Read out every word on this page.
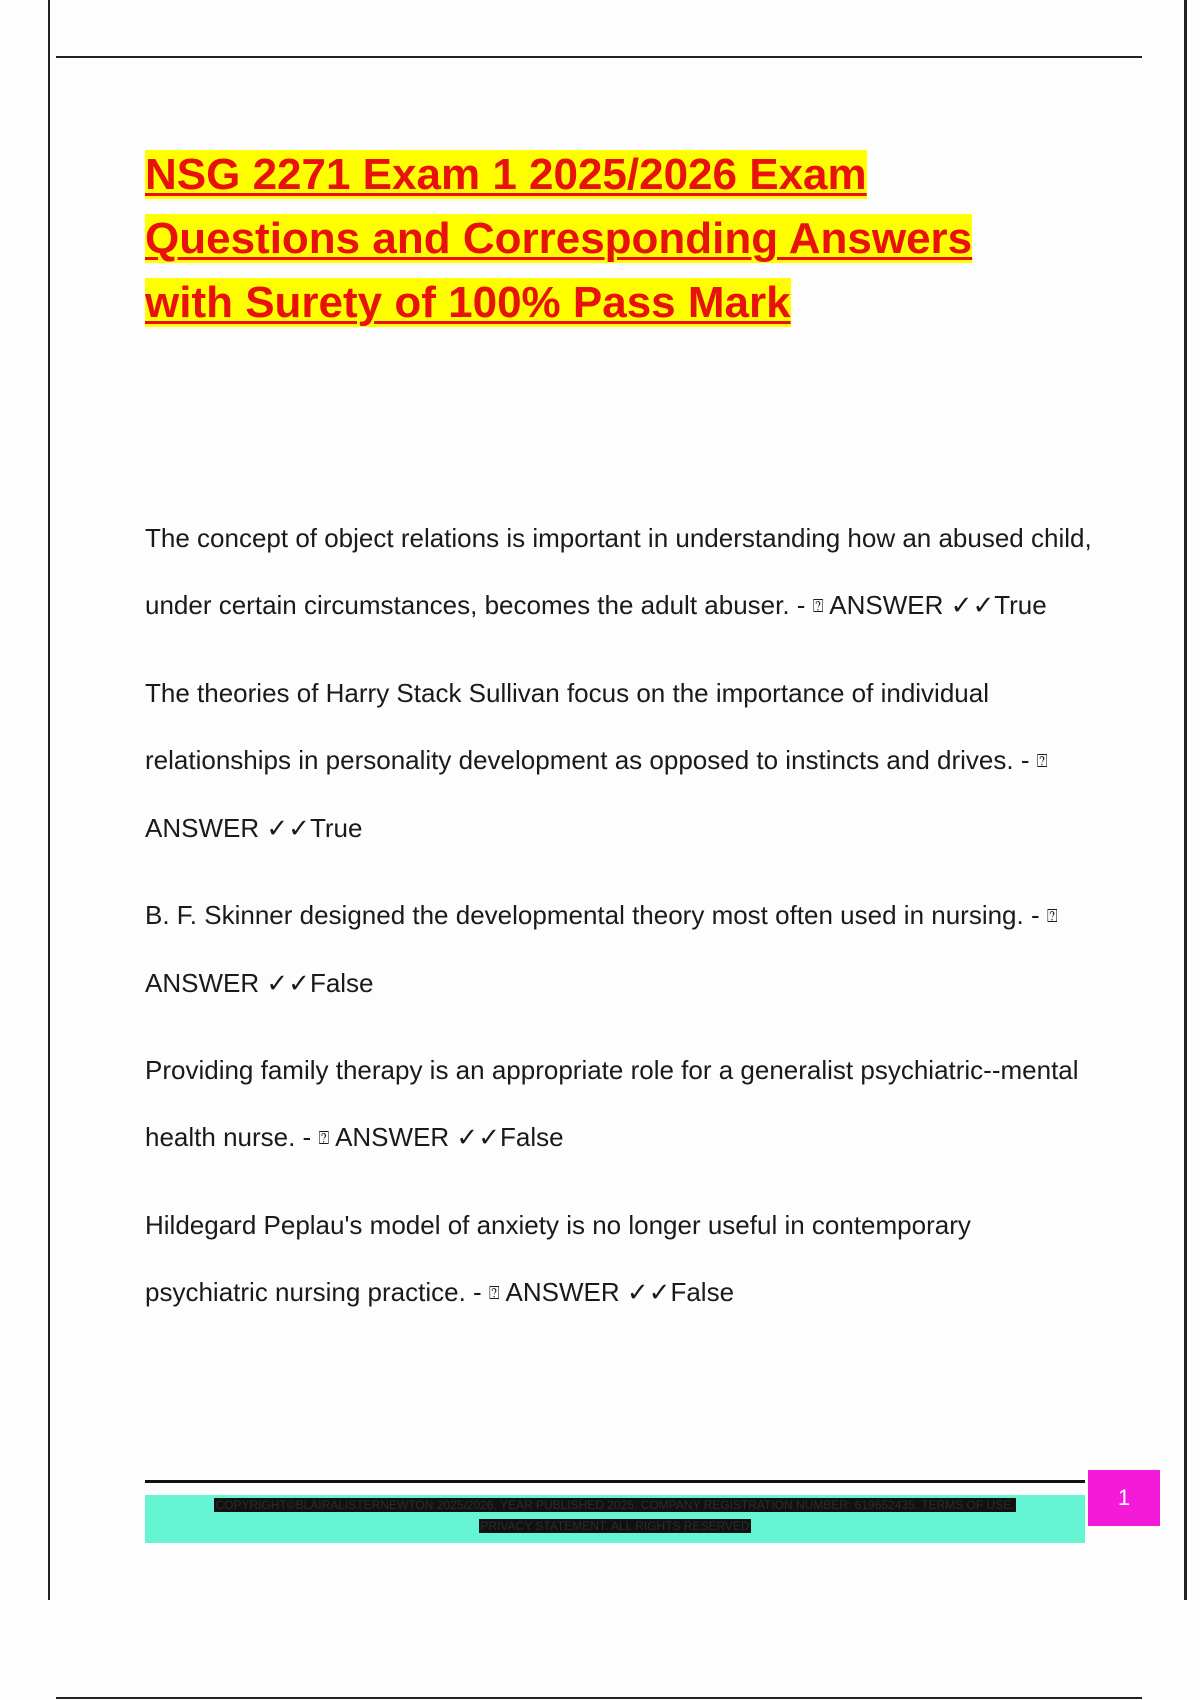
NSG 2271 Exam 1 2025/2026 Exam
Questions and Corresponding Answers
with Surety of 100% Pass Mark

The concept of object relations is important in understanding how an abused child, under certain circumstances, becomes the adult abuser. - ⍰ ANSWER ✓✓True

The theories of Harry Stack Sullivan focus on the importance of individual relationships in personality development as opposed to instincts and drives. - ⍰ ANSWER ✓✓True

B. F. Skinner designed the developmental theory most often used in nursing. - ⍰ ANSWER ✓✓False

Providing family therapy is an appropriate role for a generalist psychiatric--mental health nurse. - ⍰ ANSWER ✓✓False

Hildegard Peplau's model of anxiety is no longer useful in contemporary psychiatric nursing practice. - ⍰ ANSWER ✓✓False

COPYRIGHT©BLAIRALISTERNEWTON 2025/2026. YEAR PUBLISHED 2025. COMPANY REGISTRATION NUMBER: 619652435. TERMS OF USE.
PRIVACY STATEMENT. ALL RIGHTS RESERVED
1
